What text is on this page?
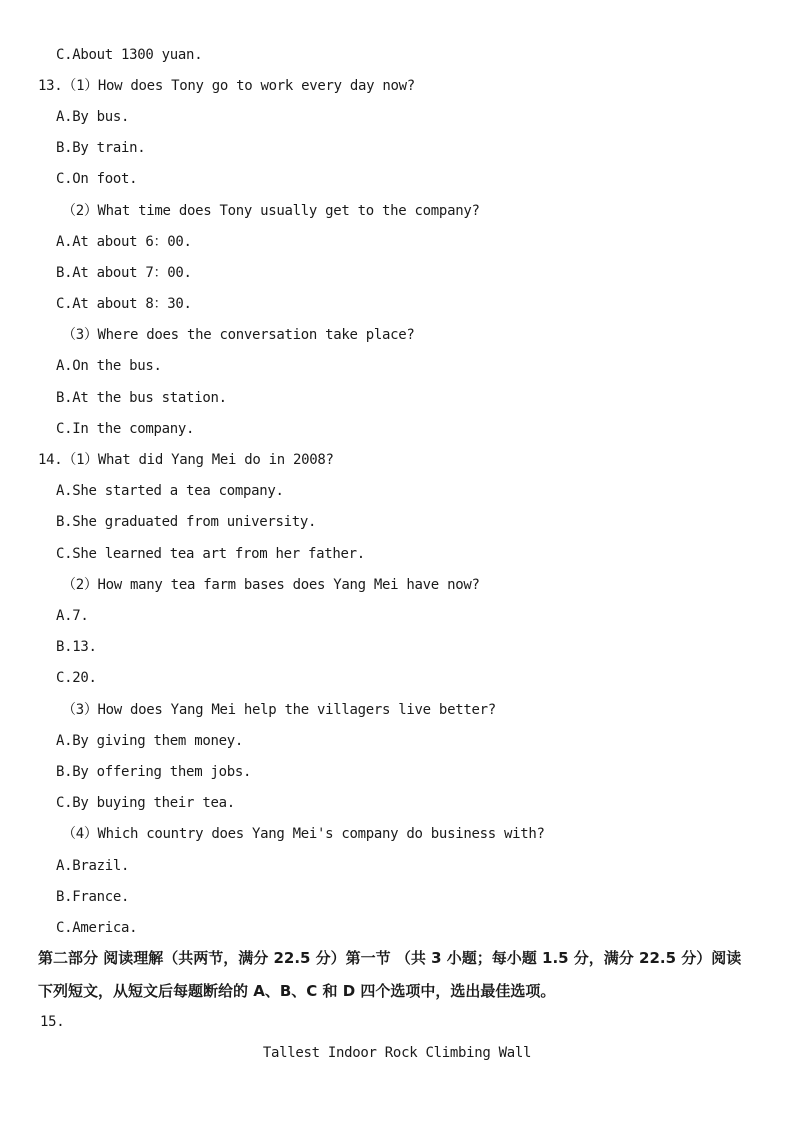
C.About 1300 yuan.
13.（1）How does Tony go to work every day now?
A.By bus.
B.By train.
C.On foot.
（2）What time does Tony usually get to the company?
A.At about 6：00.
B.At about 7：00.
C.At about 8：30.
（3）Where does the conversation take place?
A.On the bus.
B.At the bus station.
C.In the company.
14.（1）What did Yang Mei do in 2008?
A.She started a tea company.
B.She graduated from university.
C.She learned tea art from her father.
（2）How many tea farm bases does Yang Mei have now?
A.7.
B.13.
C.20.
（3）How does Yang Mei help the villagers live better?
A.By giving them money.
B.By offering them jobs.
C.By buying their tea.
（4）Which country does Yang Mei's company do business with?
A.Brazil.
B.France.
C.America.
第二部分 阅读理解（共两节，满分 22.5 分）第一节 （共 3 小题；每小题 1.5 分，满分 22.5 分）阅读
下列短文，从短文后每题断给的 A、B、C 和 D 四个选项中，选出最佳选项。
15.
Tallest Indoor Rock Climbing Wall
